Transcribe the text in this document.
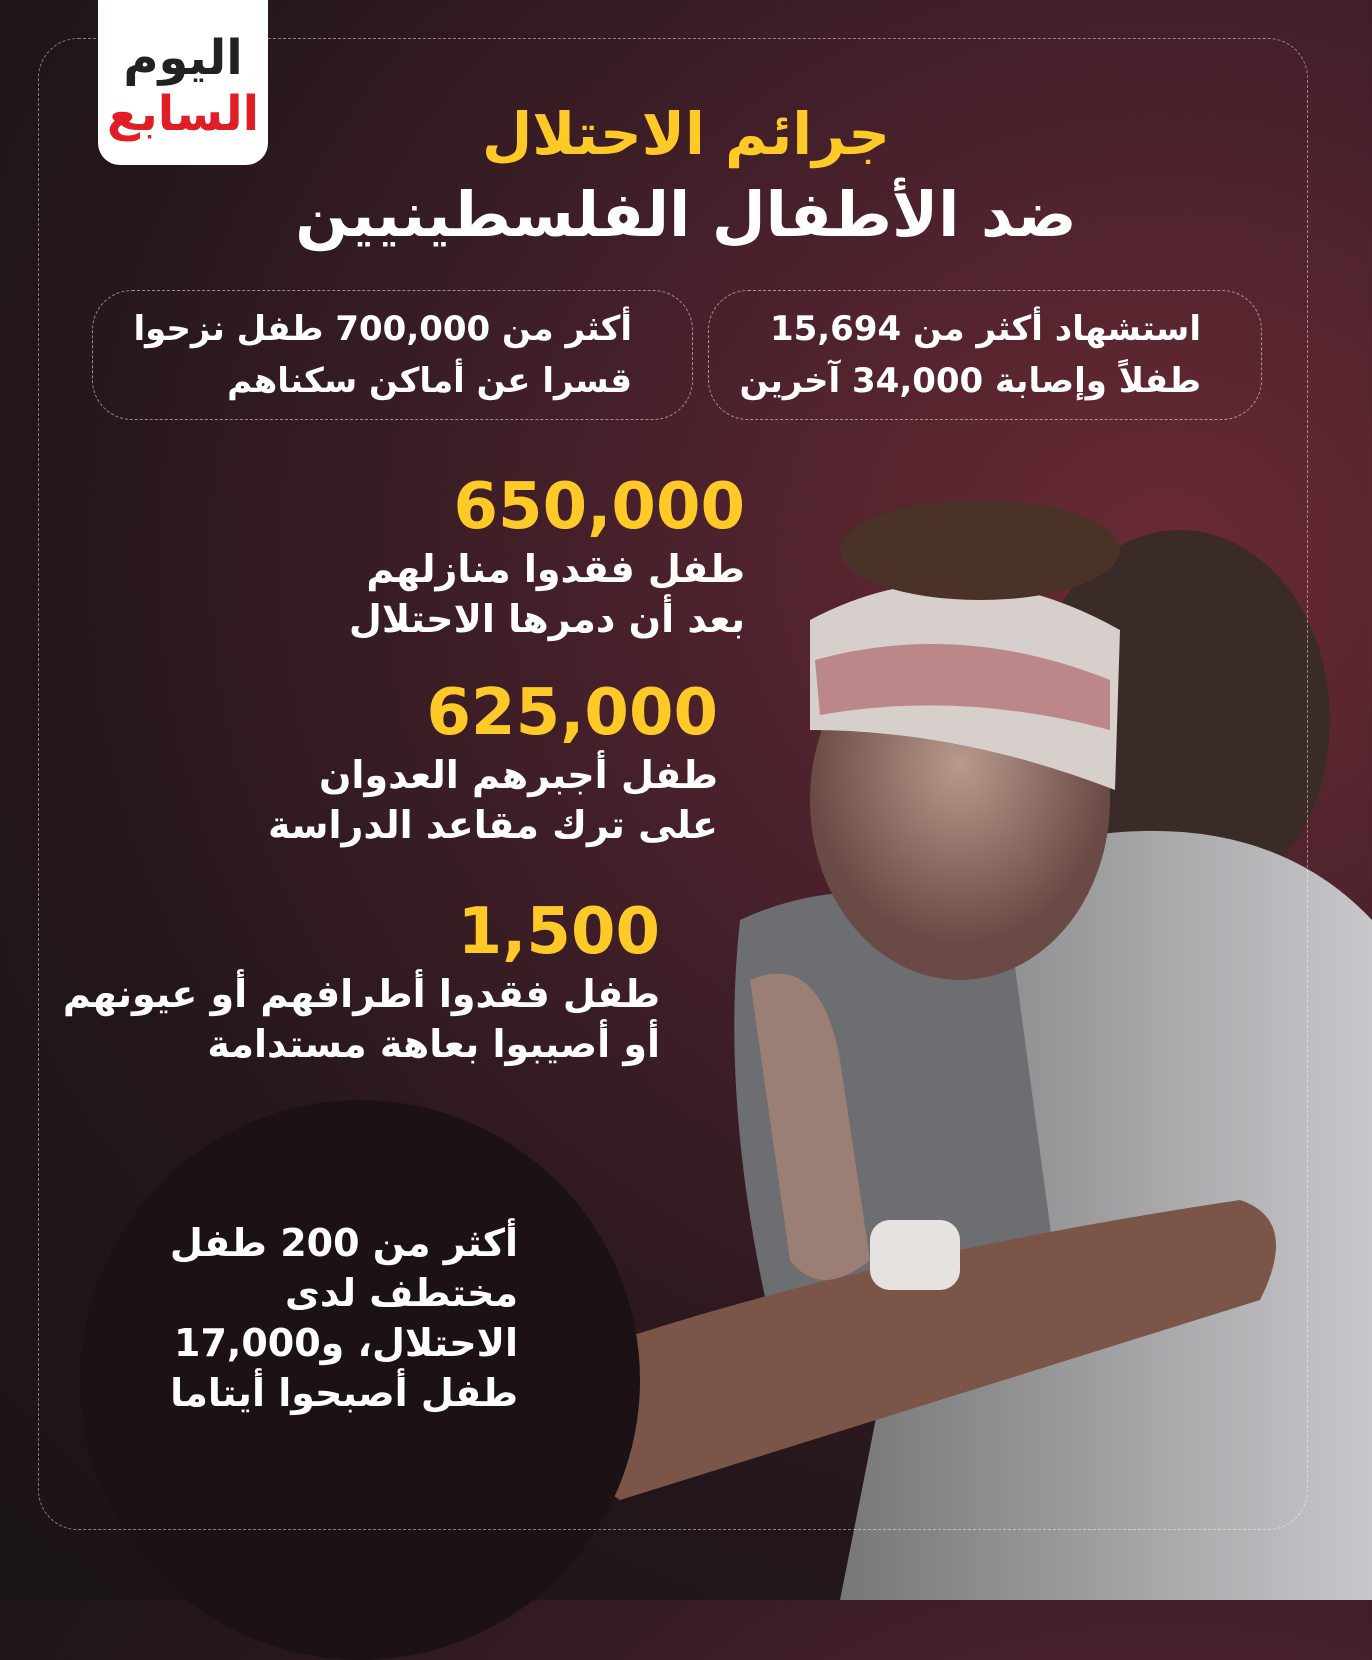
اليوم
السابع	جرائم الاحتلال
ضد الأطفال الفلسطينيين
استشهاد أكثر من 15,694
طفلاً وإصابة 34,000 آخرين
أكثر من 700,000 طفل نزحوا
قسرا عن أماكن سكناهم
650,000
طفل فقدوا منازلهم
بعد أن دمرها الاحتلال
625,000
طفل أجبرهم العدوان
على ترك مقاعد الدراسة
1,500
طفل فقدوا أطرافهم أو عيونهم
أو أصيبوا بعاهة مستدامة
أكثر من 200 طفل
مختطف لدى
الاحتلال، و17,000
طفل أصبحوا أيتاما
